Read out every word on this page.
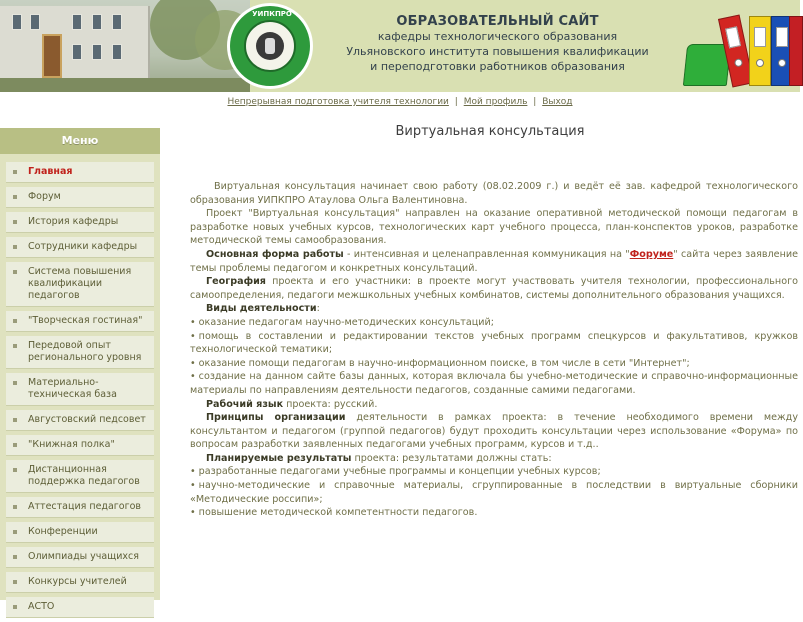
УИПКПРО	ОБРАЗОВАТЕЛЬНЫЙ САЙТ
кафедры технологического образования
Ульяновского института повышения квалификации
и переподготовки работников образования
Непрерывная подготовка учителя технологии | Мой профиль | Выход
Меню
Главная
Форум
История кафедры
Сотрудники кафедры
Система повышения квалификации педагогов
"Творческая гостиная"
Передовой опыт регионального уровня
Материально-техническая база
Августовский педсовет
"Книжная полка"
Дистанционная поддержка педагогов
Аттестация педагогов
Конференции
Олимпиады учащихся
Конкурсы учителей
АСТО
Виртуальная консультация

Виртуальная консультация начинает свою работу (08.02.2009 г.) и ведёт её зав. кафедрой технологического образования УИПКПРО Атаулова Ольга Валентиновна.

Проект "Виртуальная консультация" направлен на оказание оперативной методической помощи педагогам в разработке новых учебных курсов, технологических карт учебного процесса, план-конспектов уроков, разработке методической темы самообразования.

Основная форма работы - интенсивная и целенаправленная коммуникация на "Форуме" сайта через заявление темы проблемы педагогом и конкретных консультаций.

География проекта и его участники: в проекте могут участвовать учителя технологии, профессионального самоопределения, педагоги межшкольных учебных комбинатов, системы дополнительного образования учащихся.

Виды деятельности:

• оказание педагогам научно-методических консультаций;

• помощь в составлении и редактировании текстов учебных программ спецкурсов и факультативов, кружков технологической тематики;

• оказание помощи педагогам в научно-информационном поиске, в том числе в сети "Интернет";

• создание на данном сайте базы данных, которая включала бы учебно-методические и справочно-информационные материалы по направлениям деятельности педагогов, созданные самими педагогами.

Рабочий язык проекта: русский.

Принципы организации деятельности в рамках проекта: в течение необходимого времени между консультантом и педагогом (группой педагогов) будут проходить консультации через использование «Форума» по вопросам разработки заявленных педагогами учебных программ, курсов и т.д..

Планируемые результаты проекта: результатами должны стать:

• разработанные педагогами учебные программы и концепции учебных курсов;

• научно-методические и справочные материалы, сгруппированные в последствии в виртуальные сборники «Методические россипи»;

• повышение методической компетентности педагогов.
